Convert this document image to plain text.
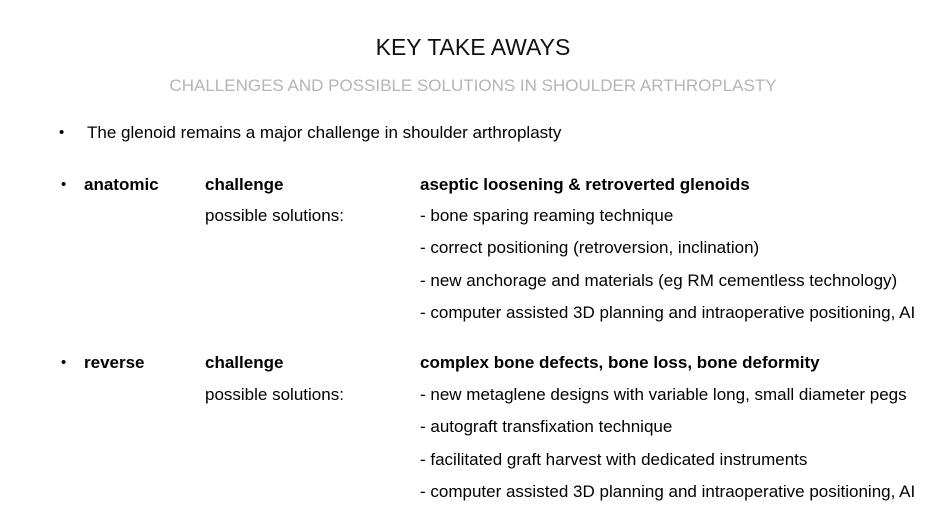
KEY TAKE AWAYS
CHALLENGES AND POSSIBLE SOLUTIONS IN SHOULDER ARTHROPLASTY
• The glenoid remains a major challenge in shoulder arthroplasty
• anatomic	challenge	aseptic loosening & retroverted glenoids
possible solutions:	- bone sparing reaming technique
- correct positioning (retroversion, inclination)
- new anchorage and materials (eg RM cementless technology)
- computer assisted 3D planning and intraoperative positioning, AI
• reverse	challenge	complex bone defects, bone loss, bone deformity
possible solutions:	- new metaglene designs with variable long, small diameter pegs
- autograft transfixation technique
- facilitated graft harvest with dedicated instruments
- computer assisted 3D planning and intraoperative positioning, AI
